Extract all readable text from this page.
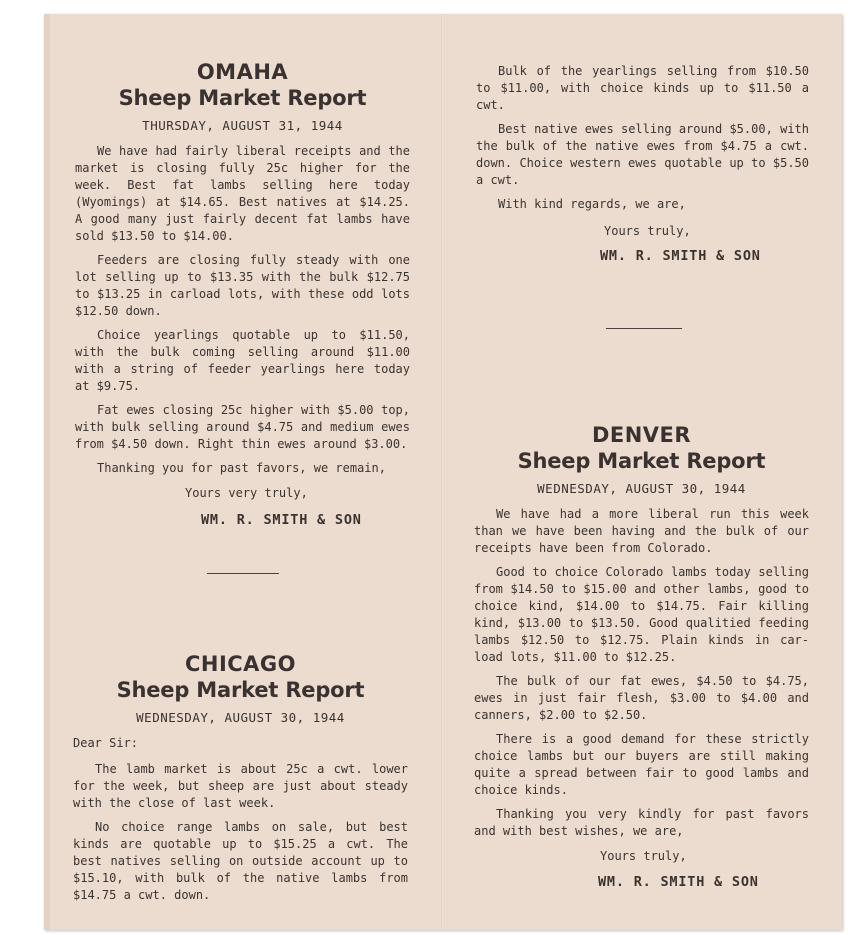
OMAHA
Sheep Market Report
THURSDAY, AUGUST 31, 1944

We have had fairly liberal receipts and the market is closing fully 25c higher for the week. Best fat lambs selling here today (Wyomings) at $14.65. Best natives at $14.25. A good many just fairly decent fat lambs have sold $13.50 to $14.00.

Feeders are closing fully steady with one lot selling up to $13.35 with the bulk $12.75 to $13.25 in carload lots, with these odd lots $12.50 down.

Choice yearlings quotable up to $11.50, with the bulk coming selling around $11.00 with a string of feeder yearlings here today at $9.75.

Fat ewes closing 25c higher with $5.00 top, with bulk selling around $4.75 and medium ewes from $4.50 down. Right thin ewes around $3.00.

Thanking you for past favors, we remain,

Yours very truly,

WM. R. SMITH & SON

CHICAGO
Sheep Market Report
WEDNESDAY, AUGUST 30, 1944

Dear Sir:

The lamb market is about 25c a cwt. lower for the week, but sheep are just about steady with the close of last week.

No choice range lambs on sale, but best kinds are quotable up to $15.25 a cwt. The best natives selling on outside account up to $15.10, with bulk of the native lambs from $14.75 a cwt. down.

Bulk of the yearlings selling from $10.50 to $11.00, with choice kinds up to $11.50 a cwt.

Best native ewes selling around $5.00, with the bulk of the native ewes from $4.75 a cwt. down. Choice western ewes quotable up to $5.50 a cwt.

With kind regards, we are,

Yours truly,

WM. R. SMITH & SON

DENVER
Sheep Market Report
WEDNESDAY, AUGUST 30, 1944

We have had a more liberal run this week than we have been having and the bulk of our receipts have been from Colorado.

Good to choice Colorado lambs today selling from $14.50 to $15.00 and other lambs, good to choice kind, $14.00 to $14.75. Fair killing kind, $13.00 to $13.50. Good qualitied feeding lambs $12.50 to $12.75. Plain kinds in car-load lots, $11.00 to $12.25.

The bulk of our fat ewes, $4.50 to $4.75, ewes in just fair flesh, $3.00 to $4.00 and canners, $2.00 to $2.50.

There is a good demand for these strictly choice lambs but our buyers are still making quite a spread between fair to good lambs and choice kinds.

Thanking you very kindly for past favors and with best wishes, we are,

Yours truly,

WM. R. SMITH & SON
